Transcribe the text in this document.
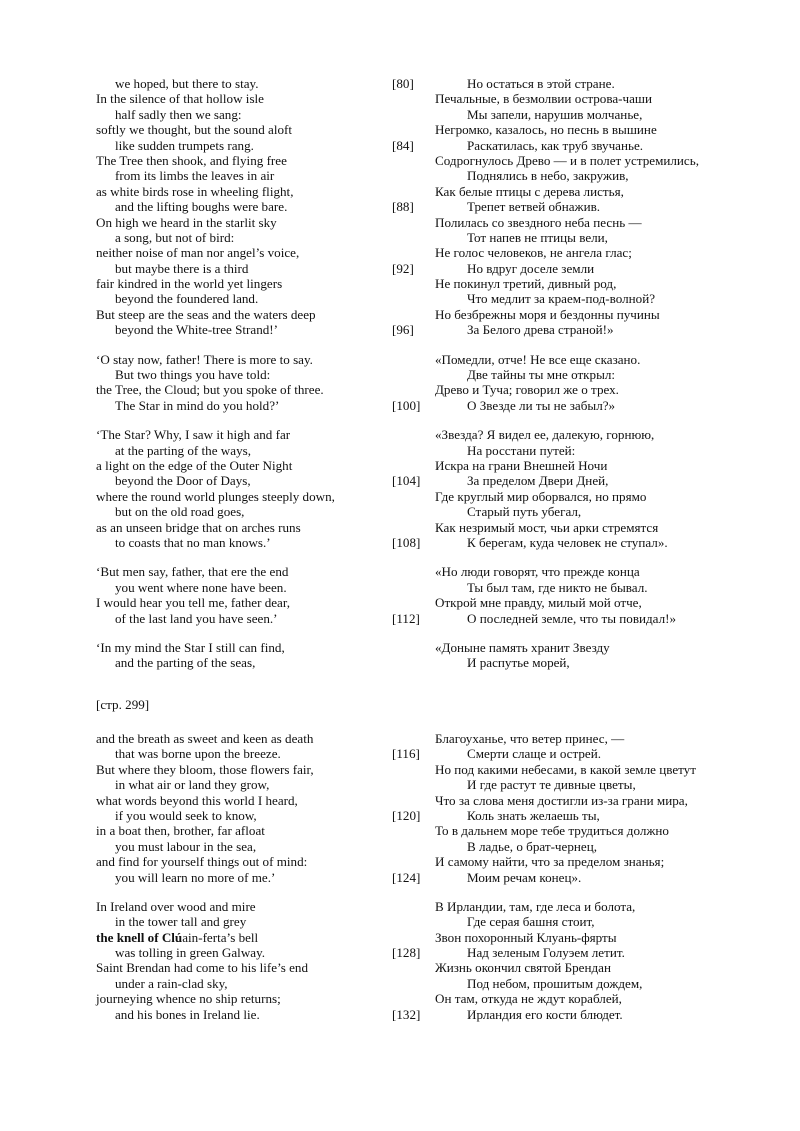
we hoped, but there to stay.	[80]	Но остаться в этой стране.
In the silence of that hollow isle	Печальные, в безмолвии острова-чаши
half sadly then we sang:	Мы запели, нарушив молчанье,
softly we thought, but the sound aloft	Негромко, казалось, но песнь в вышине
like sudden trumpets rang.	[84]	Раскатилась, как труб звучанье.
The Tree then shook, and flying free	Содрогнулось Древо — и в полет устремились,
from its limbs the leaves in air	Поднялись в небо, закружив,
as white birds rose in wheeling flight,	Как белые птицы с дерева листья,
and the lifting boughs were bare.	[88]	Трепет ветвей обнажив.
On high we heard in the starlit sky	Полилась со звездного неба песнь —
a song, but not of bird:	Тот напев не птицы вели,
neither noise of man nor angel’s voice,	Не голос человеков, не ангела глас;
but maybe there is a third	[92]	Но вдруг доселе земли
fair kindred in the world yet lingers	Не покинул третий, дивный род,
beyond the foundered land.	Что медлит за краем-под-волной?
But steep are the seas and the waters deep	Но безбрежны моря и бездонны пучины
beyond the White-tree Strand!’	[96]	За Белого древа страной!»
‘O stay now, father! There is more to say.	«Помедли, отче! Не все еще сказано.
But two things you have told:	Две тайны ты мне открыл:
the Tree, the Cloud; but you spoke of three.	Древо и Туча; говорил же о трех.
The Star in mind do you hold?’	[100]	О Звезде ли ты не забыл?»
‘The Star? Why, I saw it high and far	«Звезда? Я видел ее, далекую, горнюю,
at the parting of the ways,	На росстани путей:
a light on the edge of the Outer Night	Искра на грани Внешней Ночи
beyond the Door of Days,	[104]	За пределом Двери Дней,
where the round world plunges steeply down,	Где круглый мир оборвался, но прямо
but on the old road goes,	Старый путь убегал,
as an unseen bridge that on arches runs	Как незримый мост, чьи арки стремятся
to coasts that no man knows.’	[108]	К берегам, куда человек не ступал».
‘But men say, father, that ere the end	«Но люди говорят, что прежде конца
you went where none have been.	Ты был там, где никто не бывал.
I would hear you tell me, father dear,	Открой мне правду, милый мой отче,
of the last land you have seen.’	[112]	О последней земле, что ты повидал!»
‘In my mind the Star I still can find,	«Доныне память хранит Звезду
and the parting of the seas,	И распутье морей,
[стр. 299]
and the breath as sweet and keen as death	Благоуханье, что ветер принес, —
that was borne upon the breeze.	[116]	Смерти слаще и острей.
But where they bloom, those flowers fair,	Но под какими небесами, в какой земле цветут
in what air or land they grow,	И где растут те дивные цветы,
what words beyond this world I heard,	Что за слова меня достигли из-за грани мира,
if you would seek to know,	[120]	Коль знать желаешь ты,
in a boat then, brother, far afloat	То в дальнем море тебе трудиться должно
you must labour in the sea,	В ладье, о брат-чернец,
and find for yourself things out of mind:	И самому найти, что за пределом знанья;
you will learn no more of me.’	[124]	Моим речам конец».
In Ireland over wood and mire	В Ирландии, там, где леса и болота,
in the tower tall and grey	Где серая башня стоит,
the knell of Clúain-ferta’s bell	Звон похоронный Клуань-фярты
was tolling in green Galway.	[128]	Над зеленым Голуэем летит.
Saint Brendan had come to his life’s end	Жизнь окончил святой Брендан
under a rain-clad sky,	Под небом, прошитым дождем,
journeying whence no ship returns;	Он там, откуда не ждут кораблей,
and his bones in Ireland lie.	[132]	Ирландия его кости блюдет.
